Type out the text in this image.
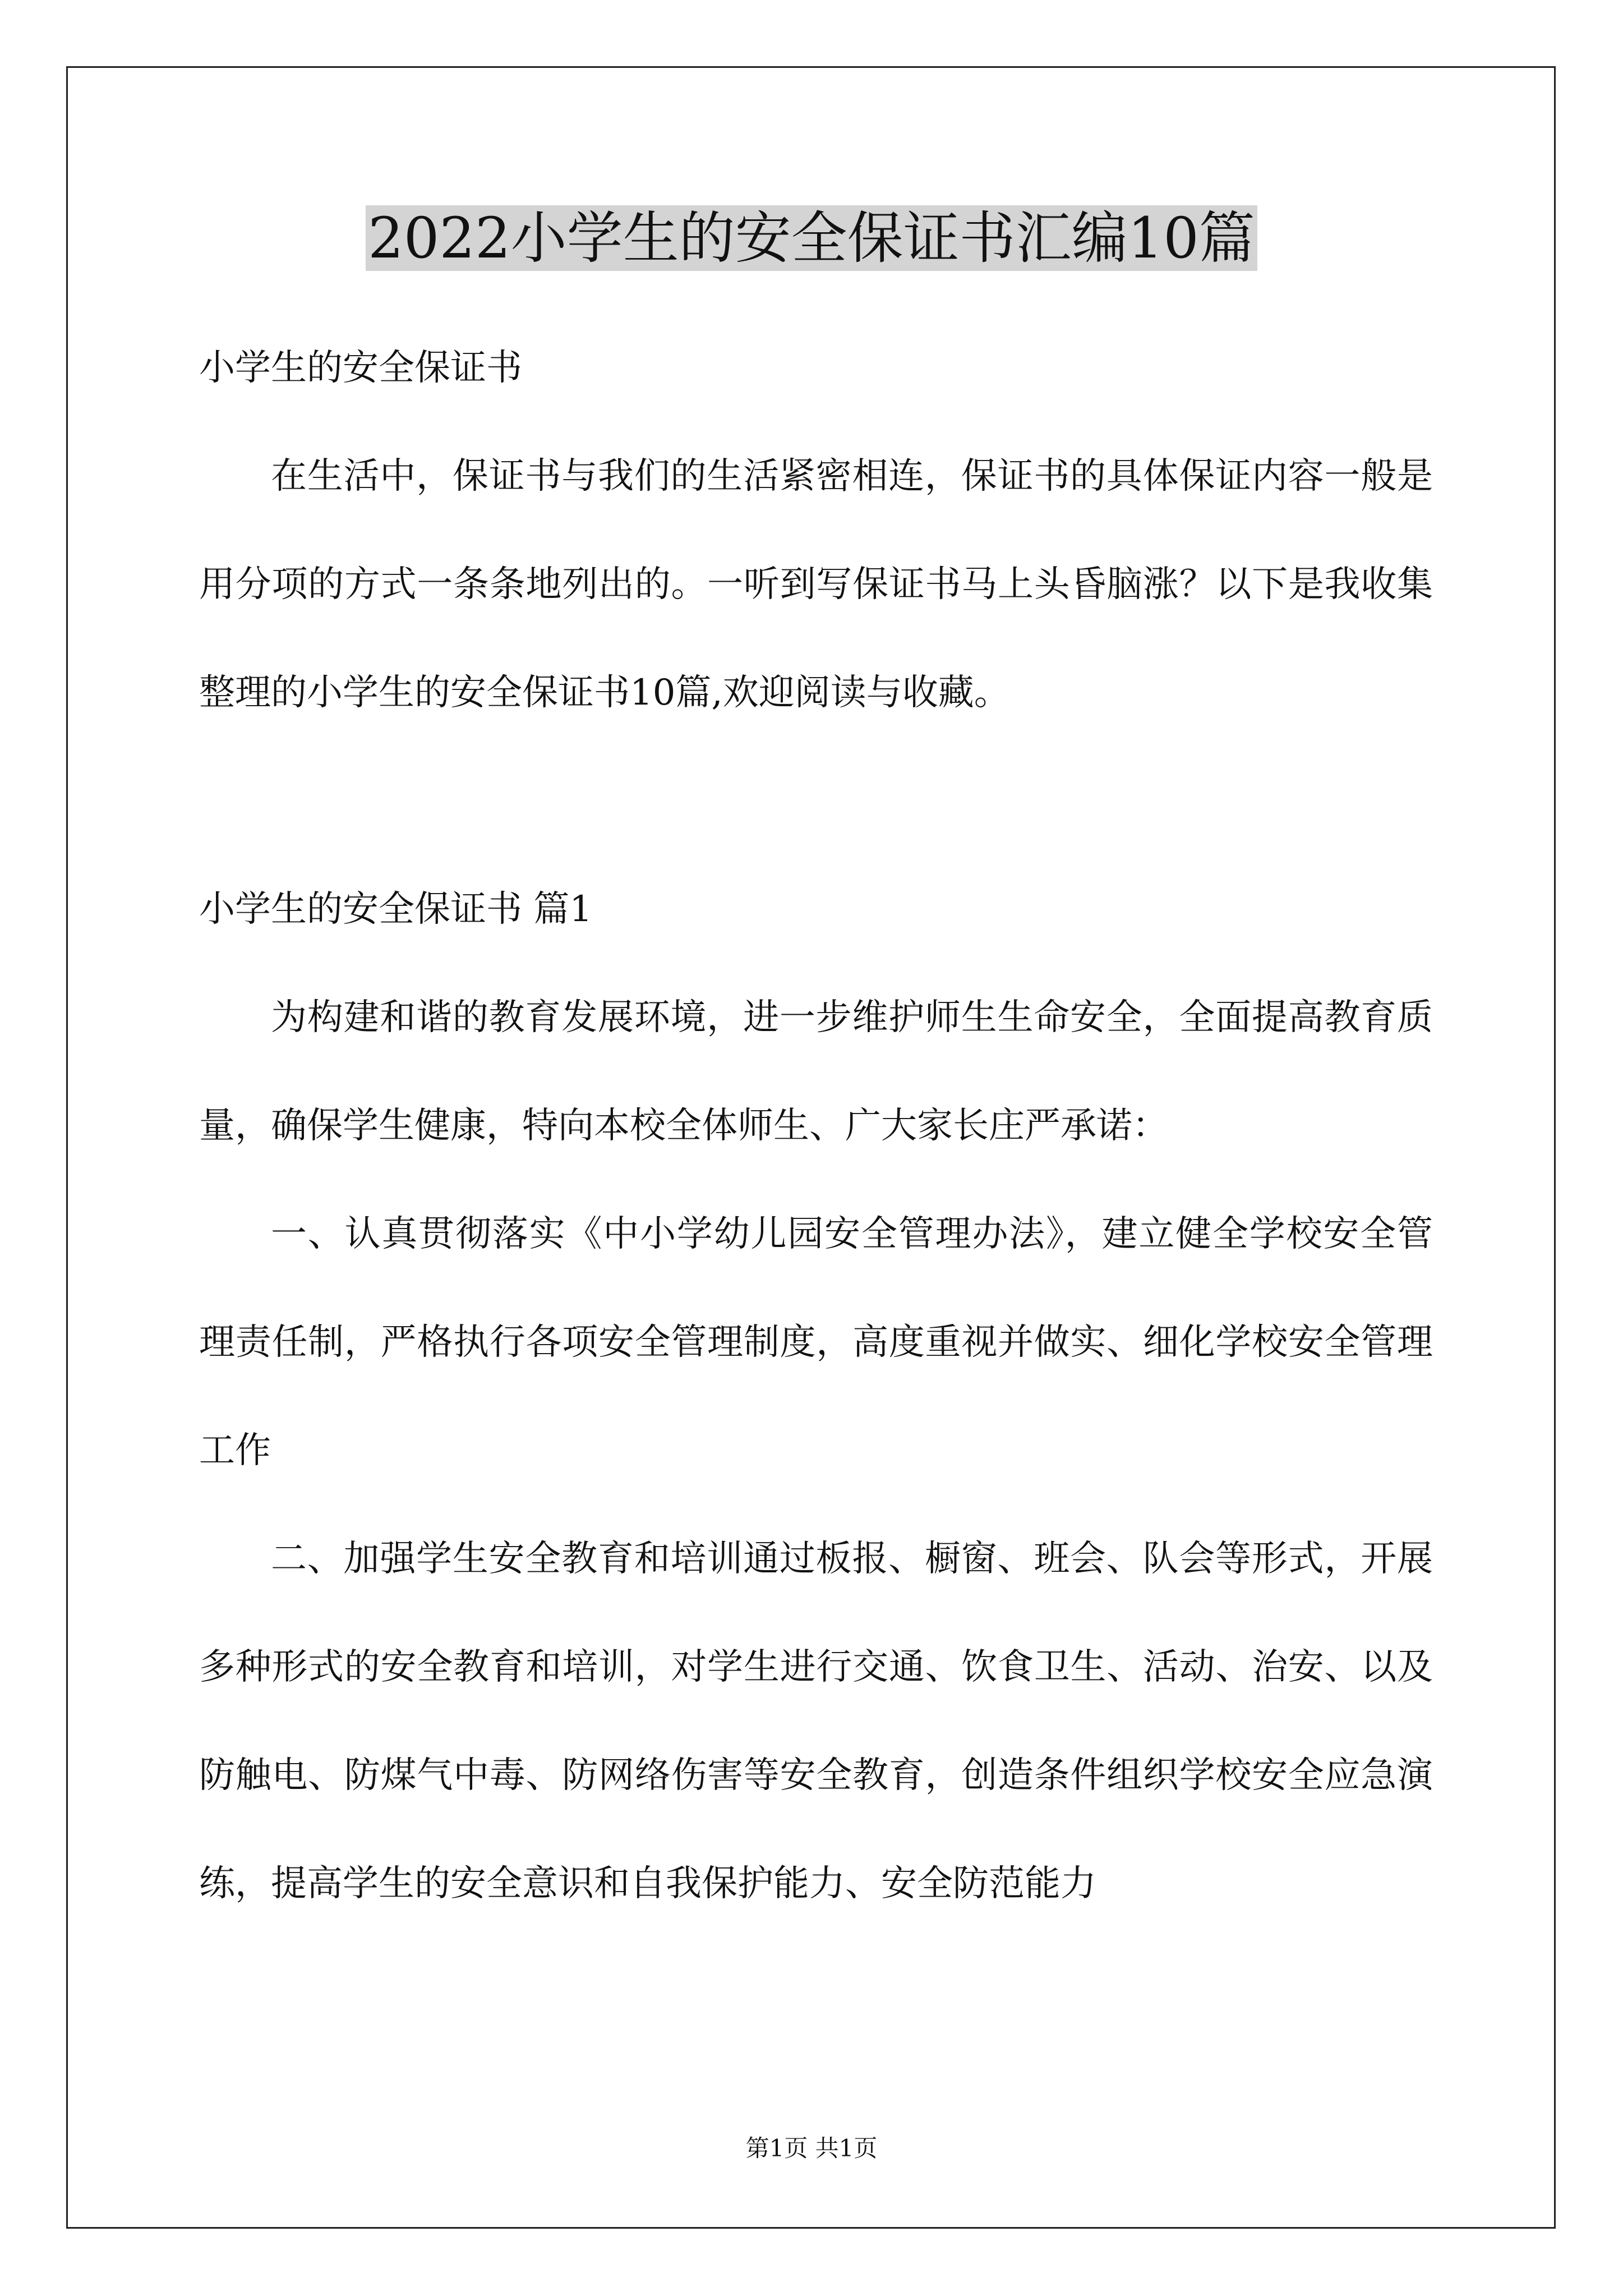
2022小学生的安全保证书汇编10篇

小学生的安全保证书

在生活中，保证书与我们的生活紧密相连，保证书的具体保证内容一般是用分项的方式一条条地列出的。一听到写保证书马上头昏脑涨？以下是我收集整理的小学生的安全保证书10篇,欢迎阅读与收藏。

小学生的安全保证书 篇1

为构建和谐的教育发展环境，进一步维护师生生命安全，全面提高教育质量，确保学生健康，特向本校全体师生、广大家长庄严承诺：

一、认真贯彻落实《中小学幼儿园安全管理办法》，建立健全学校安全管理责任制，严格执行各项安全管理制度，高度重视并做实、细化学校安全管理工作

二、加强学生安全教育和培训通过板报、橱窗、班会、队会等形式，开展多种形式的安全教育和培训，对学生进行交通、饮食卫生、活动、治安、以及防触电、防煤气中毒、防网络伤害等安全教育，创造条件组织学校安全应急演练，提高学生的安全意识和自我保护能力、安全防范能力

第1页 共1页
